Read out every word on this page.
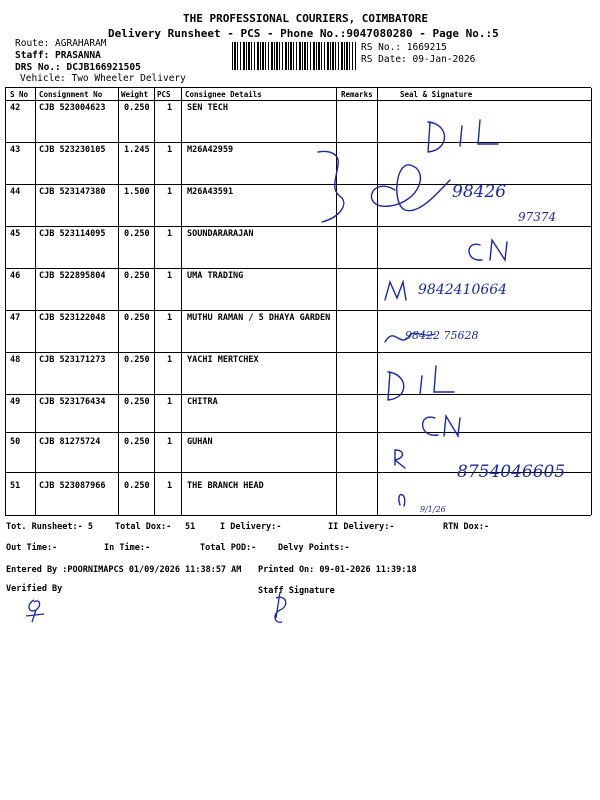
THE PROFESSIONAL COURIERS, COIMBATORE
Delivery Runsheet - PCS - Phone No.:9047080280 - Page No.:5
Route: AGRAHARAM
Staff: PRASANNA
DRS No.: DCJB166921505
Vehicle: Two Wheeler Delivery
RS No.: 1669215
RS Date: 09-Jan-2026
S No Consignment No	Weight PCS Consignee Details	Remarks	Seal & Signature
42 CJB 523004623 0.250 1 SEN TECH
43 CJB 523230105 1.245 1 M26A42959
44 CJB 523147380 1.500 1 M26A43591
45 CJB 523114095 0.250 1 SOUNDARARAJAN
46 CJB 522895804 0.250 1 UMA TRADING
47 CJB 523122048 0.250 1 MUTHU RAMAN / 5 DHAYA GARDEN
48 CJB 523171273 0.250 1 YACHI MERTCHEX
49 CJB 523176434 0.250 1 CHITRA
50 CJB 81275724	0.250 1 GUHAN
51 CJB 523087966 0.250 1 THE BRANCH HEAD
98426
97374
9842410664
98422 75628
8754046605
9/1/26
Tot. Runsheet:- 5	Total Dox:- 51	I Delivery:-	II Delivery:-	RTN Dox:-
Out Time:-	In Time:-	Total POD:-	Delvy Points:-
Entered By :POORNIMAPCS 01/09/2026 11:38:57 AM Printed On: 09-01-2026 11:39:18
Verified By	Staff Signature
